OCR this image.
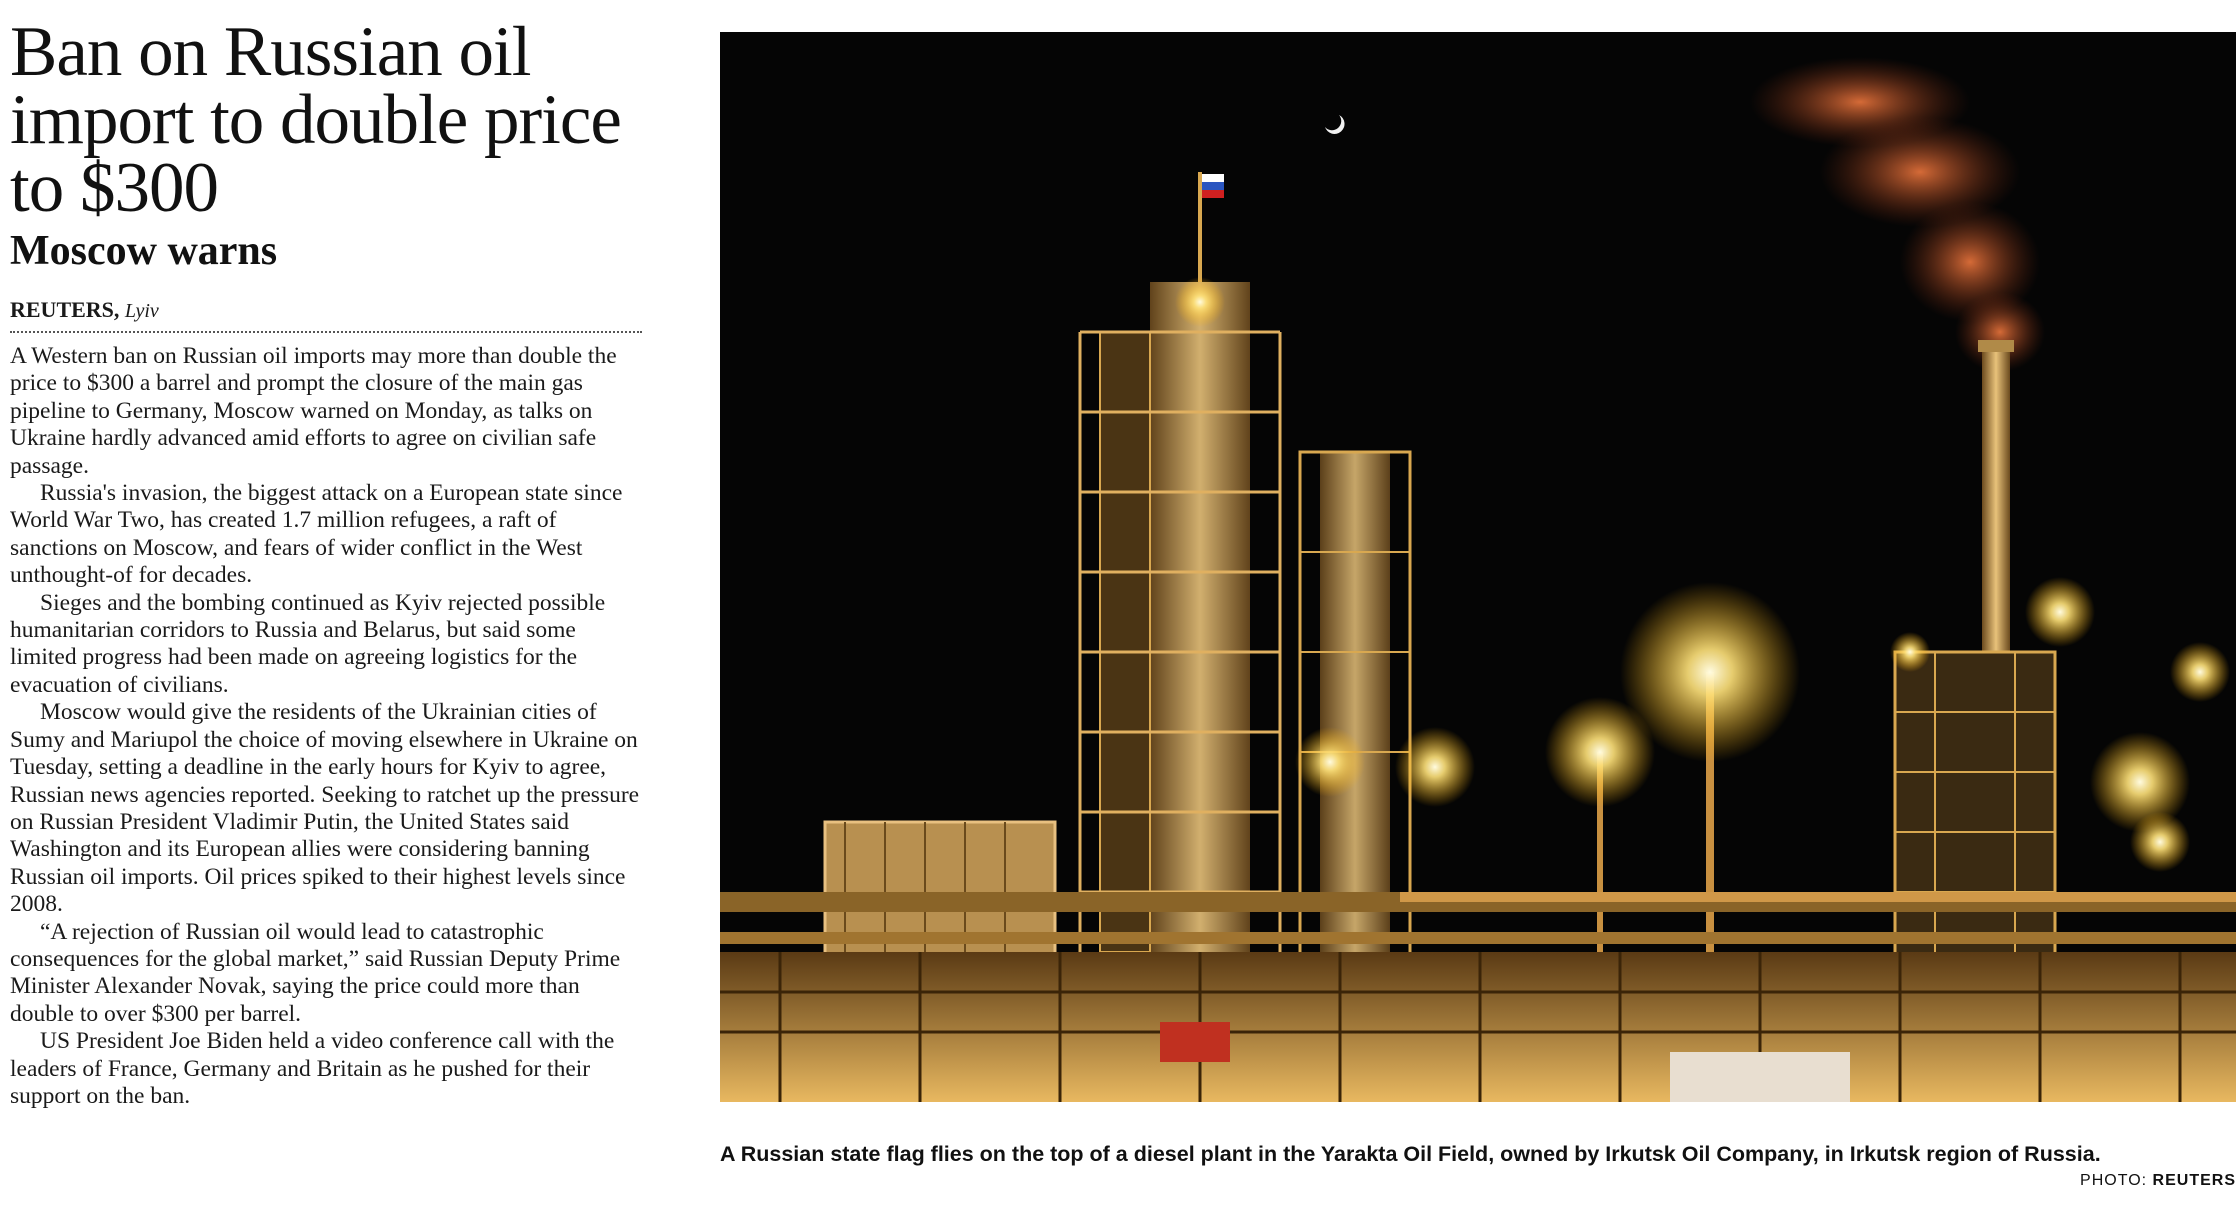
Ban on Russian oil import to double price to $300
Moscow warns
REUTERS, Lyiv

A Western ban on Russian oil imports may more than double the price to $300 a barrel and prompt the closure of the main gas pipeline to Germany, Moscow warned on Monday, as talks on Ukraine hardly advanced amid efforts to agree on civilian safe passage.

Russia's invasion, the biggest attack on a European state since World War Two, has created 1.7 million refugees, a raft of sanctions on Moscow, and fears of wider conflict in the West unthought-of for decades.

Sieges and the bombing continued as Kyiv rejected possible humanitarian corridors to Russia and Belarus, but said some limited progress had been made on agreeing logistics for the evacuation of civilians.

Moscow would give the residents of the Ukrainian cities of Sumy and Mariupol the choice of moving elsewhere in Ukraine on Tuesday, setting a deadline in the early hours for Kyiv to agree, Russian news agencies reported. Seeking to ratchet up the pressure on Russian President Vladimir Putin, the United States said Washington and its European allies were considering banning Russian oil imports. Oil prices spiked to their highest levels since 2008.

“A rejection of Russian oil would lead to catastrophic consequences for the global market,” said Russian Deputy Prime Minister Alexander Novak, saying the price could more than double to over $300 per barrel.

US President Joe Biden held a video conference call with the leaders of France, Germany and Britain as he pushed for their support on the ban.

A Russian state flag flies on the top of a diesel plant in the Yarakta Oil Field, owned by Irkutsk Oil Company, in Irkutsk region of Russia.
PHOTO: REUTERS
